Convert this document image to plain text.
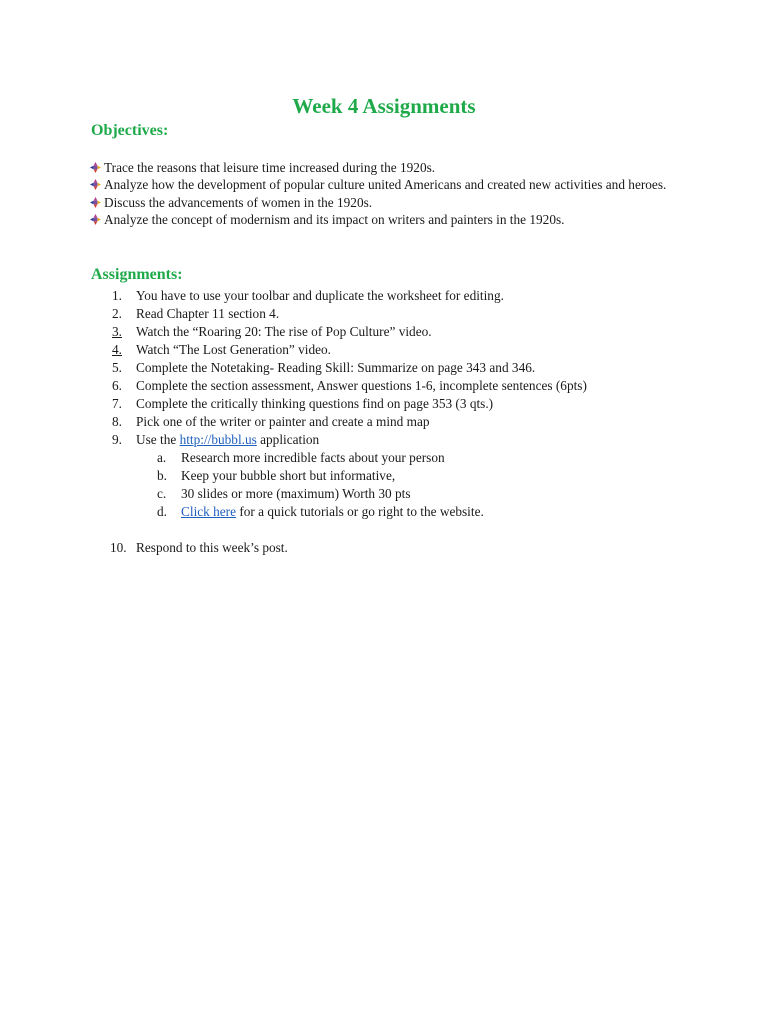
Week 4 Assignments
Objectives:
Trace the reasons that leisure time increased during the 1920s.
Analyze how the development of popular culture united Americans and created new activities and heroes.
Discuss the advancements of women in the 1920s.
Analyze the concept of modernism and its impact on writers and painters in the 1920s.
Assignments:
1.	You have to use your toolbar and duplicate the worksheet for editing.
2.	Read Chapter 11 section 4.
3.	Watch the “Roaring 20: The rise of Pop Culture” video.
4.	Watch “The Lost Generation” video.
5.	Complete the Notetaking- Reading Skill: Summarize on page 343 and 346.
6.	Complete the section assessment, Answer questions 1-6, incomplete sentences (6pts)
7.	Complete the critically thinking questions find on page 353 (3 qts.)
8.	Pick one of the writer or painter and create a mind map
9.	Use the http://bubbl.us application
a.	Research more incredible facts about your person
b.	Keep your bubble short but informative,
c.	30 slides or more (maximum) Worth 30 pts
d.	Click here for a quick tutorials or go right to the website.
10. Respond to this week’s post.
